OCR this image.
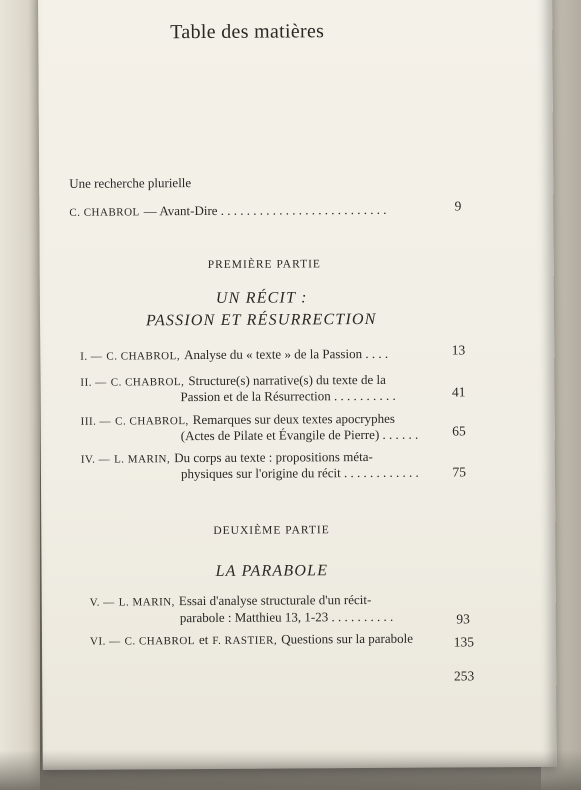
Table des matières
Une recherche plurielle
C. CHABROL — Avant-Dire . . . . . . . . . . . . . . . . . . . . . . . . . .	9
PREMIÈRE PARTIE
UN RÉCIT :
PASSION ET RÉSURRECTION
I. — C. CHABROL, Analyse du « texte » de la Passion . . . .	13
II. — C. CHABROL, Structure(s) narrative(s) du texte de la
Passion et de la Résurrection . . . . . . . . . .	41
III. — C. CHABROL, Remarques sur deux textes apocryphes
(Actes de Pilate et Évangile de Pierre) . . . . . .	65
IV. — L. MARIN, Du corps au texte : propositions méta-
physiques sur l'origine du récit . . . . . . . . . . . .	75
DEUXIÈME PARTIE
LA PARABOLE
V. — L. MARIN, Essai d'analyse structurale d'un récit-
parabole : Matthieu 13, 1-23 . . . . . . . . . .	93
VI. — C. CHABROL et F. RASTIER, Questions sur la parabole	135
253
